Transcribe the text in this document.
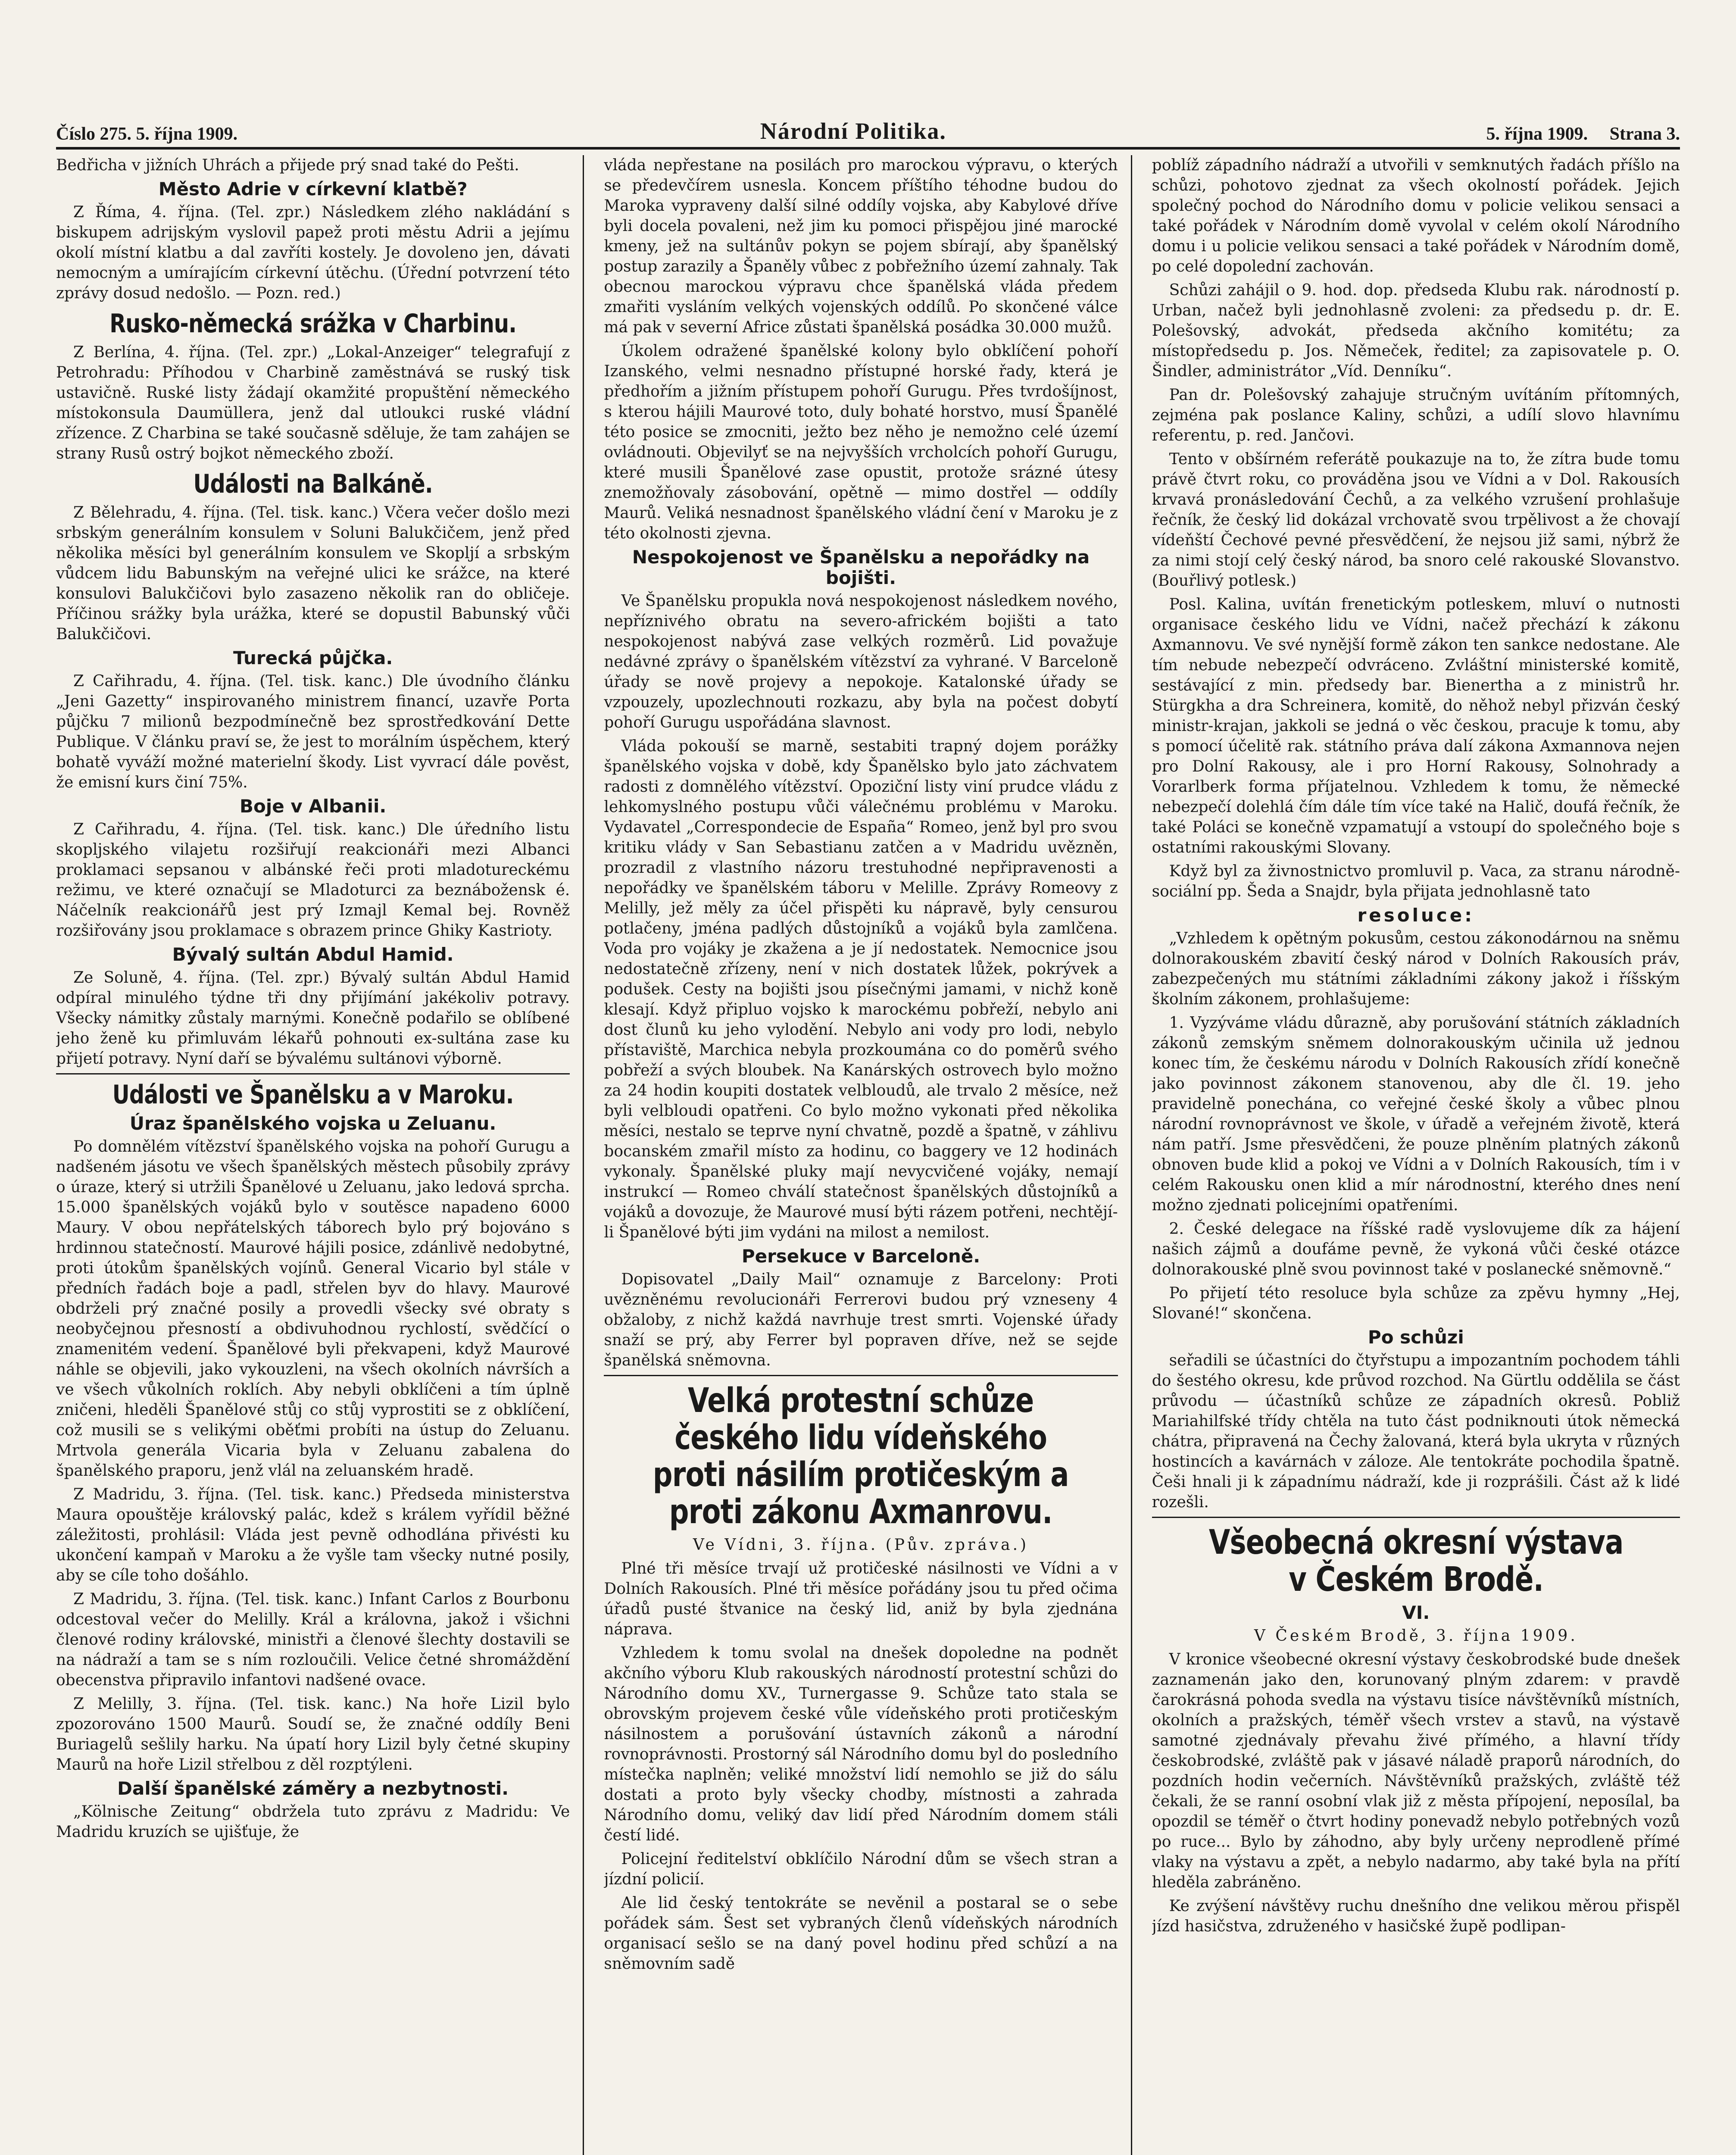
Číslo 275. 5. října 1909.	Národní Politika.	5. října 1909. Strana 3.

Bedřicha v jižních Uhrách a přijede prý snad také do Pešti.

Město Adrie v církevní klatbě?

Z Říma, 4. října. (Tel. zpr.) Následkem zlého nakládání s biskupem adrijským vyslovil papež proti městu Adrii a jejímu okolí místní klatbu a dal zavříti kostely. Je dovoleno jen, dávati nemocným a umírajícím církevní útěchu. (Úřední potvrzení této zprávy dosud nedošlo. — Pozn. red.)

Rusko-německá srážka v Charbinu.

Z Berlína, 4. října. (Tel. zpr.) „Lokal-Anzeiger“ telegrafují z Petrohradu: Příhodou v Charbině zaměstnává se ruský tisk ustavičně. Ruské listy žádají okamžité propuštění německého místokonsula Daumüllera, jenž dal utloukci ruské vládní zřízence. Z Charbina se také současně sděluje, že tam zahájen se strany Rusů ostrý bojkot německého zboží.

Události na Balkáně.

Z Bělehradu, 4. října. (Tel. tisk. kanc.) Včera večer došlo mezi srbským generálním konsulem v Soluni Balukčičem, jenž před několika měsíci byl generálním konsulem ve Skopljí a srbským vůdcem lidu Babunským na veřejné ulici ke srážce, na které konsulovi Balukčičovi bylo zasazeno několik ran do obličeje. Příčinou srážky byla urážka, které se dopustil Babunský vůči Balukčičovi.

Turecká půjčka.

Z Cařihradu, 4. října. (Tel. tisk. kanc.) Dle úvodního článku „Jeni Gazetty“ inspirovaného ministrem financí, uzavře Porta půjčku 7 milionů bezpodmínečně bez sprostředkování Dette Publique. V článku praví se, že jest to morálním úspěchem, který bohatě vyváží možné materielní škody. List vyvrací dále pověst, že emisní kurs činí 75%.

Boje v Albanii.

Z Cařihradu, 4. října. (Tel. tisk. kanc.) Dle úředního listu skopljského vilajetu rozšiřují reakcionáři mezi Albanci proklamaci sepsanou v albánské řeči proti mladotureckému režimu, ve které označují se Mladoturci za beznábožensk é. Náčelník reakcionářů jest prý Izmajl Kemal bej. Rovněž rozšiřovány jsou proklamace s obrazem prince Ghiky Kastrioty.

Bývalý sultán Abdul Hamid.

Ze Soluně, 4. října. (Tel. zpr.) Bývalý sultán Abdul Hamid odpíral minulého týdne tři dny přijímání jakékoliv potravy. Všecky námitky zůstaly marnými. Konečně podařilo se oblíbené jeho ženě ku přimluvám lékařů pohnouti ex-sultána zase ku přijetí potravy. Nyní daří se bývalému sultánovi výborně.

Události ve Španělsku a v Maroku.
Úraz španělského vojska u Zeluanu.

Po domnělém vítězství španělského vojska na pohoří Gurugu a nadšeném jásotu ve všech španělských městech působily zprávy o úraze, který si utržili Španělové u Zeluanu, jako ledová sprcha. 15.000 španělských vojáků bylo v soutěsce napadeno 6000 Maury. V obou nepřátelských táborech bylo prý bojováno s hrdinnou statečností. Maurové hájili posice, zdánlivě nedobytné, proti útokům španělských vojínů. General Vicario byl stále v předních řadách boje a padl, střelen byv do hlavy. Maurové obdrželi prý značné posily a provedli všecky své obraty s neobyčejnou přesností a obdivuhodnou rychlostí, svědčící o znamenitém vedení. Španělové byli překvapeni, když Maurové náhle se objevili, jako vykouzleni, na všech okolních návrších a ve všech vůkolních roklích. Aby nebyli obklíčeni a tím úplně zničeni, hleděli Španělové stůj co stůj vyprostiti se z obklíčení, což musili se s velikými oběťmi probíti na ústup do Zeluanu. Mrtvola generála Vicaria byla v Zeluanu zabalena do španělského praporu, jenž vlál na zeluanském hradě.

Z Madridu, 3. října. (Tel. tisk. kanc.) Předseda ministerstva Maura opouštěje královský palác, kdež s králem vyřídil běžné záležitosti, prohlásil: Vláda jest pevně odhodlána přivésti ku ukončení kampaň v Maroku a že vyšle tam všecky nutné posily, aby se cíle toho došáhlo.

Z Madridu, 3. října. (Tel. tisk. kanc.) Infant Carlos z Bourbonu odcestoval večer do Melilly. Král a královna, jakož i všichni členové rodiny královské, ministři a členové šlechty dostavili se na nádraží a tam se s ním rozloučili. Velice četné shromáždění obecenstva připravilo infantovi nadšené ovace.

Z Melilly, 3. října. (Tel. tisk. kanc.) Na hoře Lizil bylo zpozorováno 1500 Maurů. Soudí se, že značné oddíly Beni Buriagelů sešlily harku. Na úpatí hory Lizil byly četné skupiny Maurů na hoře Lizil střelbou z děl rozptýleni.

Další španělské záměry a nezbytnosti.

„Kölnische Zeitung“ obdržela tuto zprávu z Madridu: Ve Madridu kruzích se ujišťuje, že

vláda nepřestane na posilách pro marockou výpravu, o kterých se předevčírem usnesla. Koncem příštího téhodne budou do Maroka vypraveny další silné oddíly vojska, aby Kabylové dříve byli docela povaleni, než jim ku pomoci přispějou jiné marocké kmeny, jež na sultánův pokyn se pojem sbírají, aby španělský postup zarazily a Španěly vůbec z pobřežního území zahnaly. Tak obecnou marockou výpravu chce španělská vláda předem zmařiti vysláním velkých vojenských oddílů. Po skončené válce má pak v severní Africe zůstati španělská posádka 30.000 mužů.

Úkolem odražené španělské kolony bylo obklíčení pohoří Izanského, velmi nesnadno přístupné horské řady, která je předhořím a jižním přístupem pohoří Gurugu. Přes tvrdošíjnost, s kterou hájili Maurové toto, duly bohaté horstvo, musí Španělé této posice se zmocniti, ježto bez něho je nemožno celé území ovládnouti. Objevilyť se na nejvyšších vrcholcích pohoří Gurugu, které musili Španělové zase opustit, protože srázné útesy znemožňovaly zásobování, opětně — mimo dostřel — oddíly Maurů. Veliká nesnadnost španělského vládní čení v Maroku je z této okolnosti zjevna.

Nespokojenost ve Španělsku a nepořádky na bojišti.

Ve Španělsku propukla nová nespokojenost následkem nového, nepříznivého obratu na severo-africkém bojišti a tato nespokojenost nabývá zase velkých rozměrů. Lid považuje nedávné zprávy o španělském vítězství za vyhrané. V Barceloně úřady se nově projevy a nepokoje. Katalonské úřady se vzpouzely, upozlechnouti rozkazu, aby byla na počest dobytí pohoří Gurugu uspořádána slavnost.

Vláda pokouší se marně, sestabiti trapný dojem porážky španělského vojska v době, kdy Španělsko bylo jato záchvatem radosti z domnělého vítězství. Opoziční listy viní prudce vládu z lehkomyslného postupu vůči válečnému problému v Maroku. Vydavatel „Correspondecie de España“ Romeo, jenž byl pro svou kritiku vlády v San Sebastianu zatčen a v Madridu uvězněn, prozradil z vlastního názoru trestuhodné nepřipravenosti a nepořádky ve španělském táboru v Melille. Zprávy Romeovy z Melilly, jež měly za účel přispěti ku nápravě, byly censurou potlačeny, jména padlých důstojníků a vojáků byla zamlčena. Voda pro vojáky je zkažena a je jí nedostatek. Nemocnice jsou nedostatečně zřízeny, není v nich dostatek lůžek, pokrývek a podušek. Cesty na bojišti jsou písečnými jamami, v nichž koně klesají. Když připluo vojsko k marockému pobřeží, nebylo ani dost člunů ku jeho vylodění. Nebylo ani vody pro lodi, nebylo přístaviště, Marchica nebyla prozkoumána co do poměrů svého pobřeží a svých bloubek. Na Kanárských ostrovech bylo možno za 24 hodin koupiti dostatek velbloudů, ale trvalo 2 měsíce, než byli velbloudi opatřeni. Co bylo možno vykonati před několika měsíci, nestalo se teprve nyní chvatně, pozdě a špatně, v záhlivu bocanském zmařil místo za hodinu, co baggery ve 12 hodinách vykonaly. Španělské pluky mají nevycvičené vojáky, nemají instrukcí — Romeo chválí statečnost španělských důstojníků a vojáků a dovozuje, že Maurové musí býti rázem potřeni, nechtějí-li Španělové býti jim vydáni na milost a nemilost.

Persekuce v Barceloně.

Dopisovatel „Daily Mail“ oznamuje z Barcelony: Proti uvězněnému revolucionáři Ferrerovi budou prý vzneseny 4 obžaloby, z nichž každá navrhuje trest smrti. Vojenské úřady snaží se prý, aby Ferrer byl popraven dříve, než se sejde španělská sněmovna.

Velká protestní schůze českého lidu vídeňského proti násilím protičeským a proti zákonu Axmanrovu.

Ve Vídni, 3. října. (Pův. zpráva.)

Plné tři měsíce trvají už protičeské násilnosti ve Vídni a v Dolních Rakousích. Plné tři měsíce pořádány jsou tu před očima úřadů pusté štvanice na český lid, aniž by byla zjednána náprava.

Vzhledem k tomu svolal na dnešek dopoledne na podnět akčního výboru Klub rakouských národností protestní schůzi do Národního domu XV., Turnergasse 9. Schůze tato stala se obrovským projevem české vůle vídeňského proti protičeským násilnostem a porušování ústavních zákonů a národní rovnoprávnosti. Prostorný sál Národního domu byl do posledního místečka naplněn; veliké množství lidí nemohlo se již do sálu dostati a proto byly všecky chodby, místnosti a zahrada Národního domu, veliký dav lidí před Národním domem stáli čestí lidé.

Policejní ředitelství obklíčilo Národní dům se všech stran a jízdní policií.

Ale lid český tentokráte se nevěnil a postaral se o sebe pořádek sám. Šest set vybraných členů vídeňských národních organisací sešlo se na daný povel hodinu před schůzí a na sněmovním sadě

poblíž západního nádraží a utvořili v semknutých řadách příšlo na schůzi, pohotovo zjednat za všech okolností pořádek. Jejich společný pochod do Národního domu v policie velikou sensaci a také pořádek v Národním domě vyvolal v celém okolí Národního domu i u policie velikou sensaci a také pořádek v Národním domě, po celé dopolední zachován.

Schůzi zahájil o 9. hod. dop. předseda Klubu rak. národností p. Urban, načež byli jednohlasně zvoleni: za předsedu p. dr. E. Polešovský, advokát, předseda akčního komitétu; za místopředsedu p. Jos. Němeček, ředitel; za zapisovatele p. O. Šindler, administrátor „Víd. Denníku“.

Pan dr. Polešovský zahajuje stručným uvítáním přítomných, zejména pak poslance Kaliny, schůzi, a udílí slovo hlavnímu referentu, p. red. Jančovi.

Tento v obšírném referátě poukazuje na to, že zítra bude tomu právě čtvrt roku, co prováděna jsou ve Vídni a v Dol. Rakousích krvavá pronásledování Čechů, a za velkého vzrušení prohlašuje řečník, že český lid dokázal vrchovatě svou trpělivost a že chovají vídeňští Čechové pevné přesvědčení, že nejsou již sami, nýbrž že za nimi stojí celý český národ, ba snoro celé rakouské Slovanstvo. (Bouřlivý potlesk.)

Posl. Kalina, uvítán frenetickým potleskem, mluví o nutnosti organisace českého lidu ve Vídni, načež přechází k zákonu Axmannovu. Ve své nynější formě zákon ten sankce nedostane. Ale tím nebude nebezpečí odvráceno. Zvláštní ministerské komitě, sestávající z min. předsedy bar. Bienertha a z ministrů hr. Stürgkha a dra Schreinera, komitě, do něhož nebyl přizván český ministr-krajan, jakkoli se jedná o věc českou, pracuje k tomu, aby s pomocí účelitě rak. státního práva dalí zákona Axmannova nejen pro Dolní Rakousy, ale i pro Horní Rakousy, Solnohrady a Vorarlberk forma příjatelnou. Vzhledem k tomu, že německé nebezpečí dolehlá čím dále tím více také na Halič, doufá řečník, že také Poláci se konečně vzpamatují a vstoupí do společného boje s ostatními rakouskými Slovany.

Když byl za živnostnictvo promluvil p. Vaca, za stranu národně-sociální pp. Šeda a Snajdr, byla přijata jednohlasně tato

resoluce:

„Vzhledem k opětným pokusům, cestou zákonodárnou na sněmu dolnorakouském zbavití český národ v Dolních Rakousích práv, zabezpečených mu státními základními zákony jakož i říšským školním zákonem, prohlašujeme:

1. Vyzýváme vládu důrazně, aby porušování státních základních zákonů zemským sněmem dolnorakouským učinila už jednou konec tím, že českému národu v Dolních Rakousích zřídí konečně jako povinnost zákonem stanovenou, aby dle čl. 19. jeho pravidelně ponechána, co veřejné české školy a vůbec plnou národní rovnoprávnost ve škole, v úřadě a veřejném životě, která nám patří. Jsme přesvědčeni, že pouze plněním platných zákonů obnoven bude klid a pokoj ve Vídni a v Dolních Rakousích, tím i v celém Rakousku onen klid a mír národnostní, kterého dnes není možno zjednati policejními opatřeními.

2. České delegace na říšské radě vyslovujeme dík za hájení našich zájmů a doufáme pevně, že vykoná vůči české otázce dolnorakouské plně svou povinnost také v poslanecké sněmovně.“

Po přijetí této resoluce byla schůze za zpěvu hymny „Hej, Slované!“ skončena.

Po schůzi

seřadili se účastníci do čtyřstupu a impozantním pochodem táhli do šestého okresu, kde průvod rozchod. Na Gürtlu oddělila se část průvodu — účastníků schůze ze západních okresů. Pobliž Mariahilfské třídy chtěla na tuto část podniknouti útok německá chátra, připravená na Čechy žalovaná, která byla ukryta v různých hostincích a kavárnách v záloze. Ale tentokráte pochodila špatně. Češi hnali ji k západnímu nádraží, kde ji rozprášili. Část až k lidé rozešli.

Všeobecná okresní výstava v Českém Brodě.
VI.

V Českém Brodě, 3. října 1909.

V kronice všeobecné okresní výstavy českobrodské bude dnešek zaznamenán jako den, korunovaný plným zdarem: v pravdě čarokrásná pohoda svedla na výstavu tisíce návštěvníků místních, okolních a pražských, téměř všech vrstev a stavů, na výstavě samotné zjednávaly převahu živé přímého, a hlavní třídy českobrodské, zvláště pak v jásavé náladě praporů národních, do pozdních hodin večerních. Návštěvníků pražských, zvláště též čekali, že se ranní osobní vlak již z města přípojení, neposílal, ba opozdil se téměř o čtvrt hodiny ponevadž nebylo potřebných vozů po ruce... Bylo by záhodno, aby byly určeny neprodleně přímé vlaky na výstavu a zpět, a nebylo nadarmo, aby také byla na přítí hleděla zabráněno.

Ke zvýšení návštěvy ruchu dnešního dne velikou měrou přispěl jízd hasičstva, združeného v hasičské župě podlipan-
